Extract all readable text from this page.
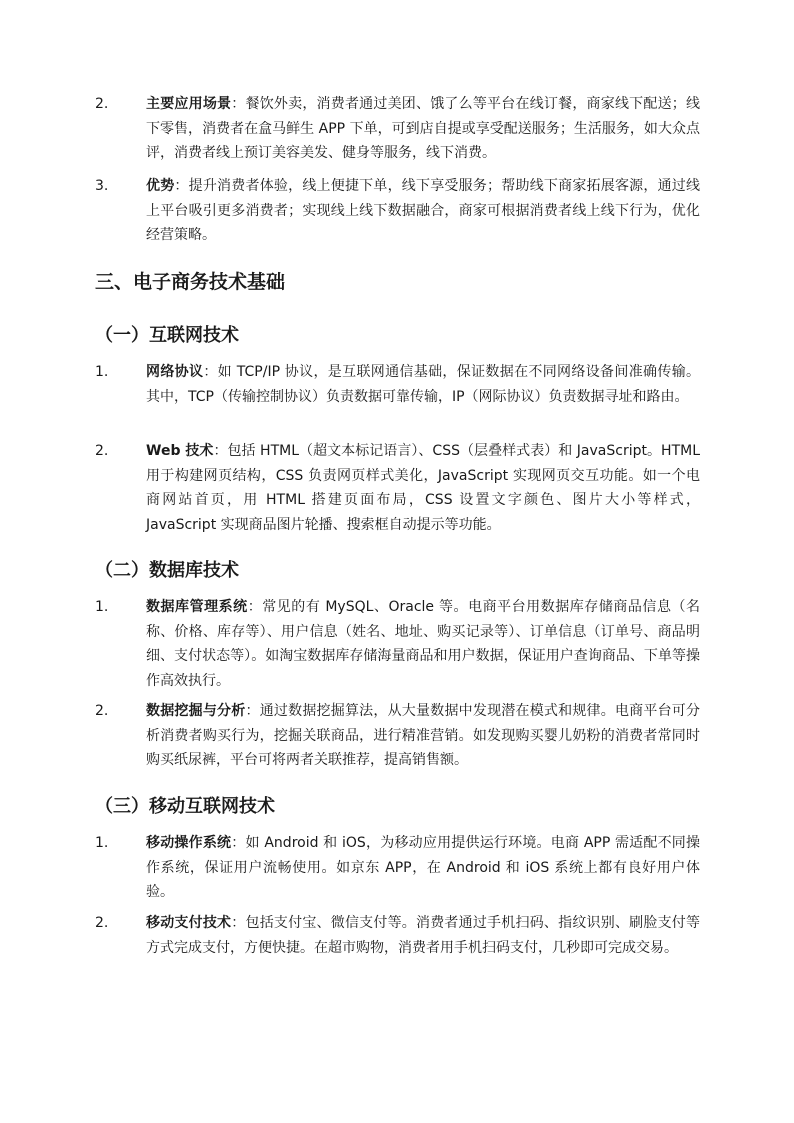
2.	主要应用场景：餐饮外卖，消费者通过美团、饿了么等平台在线订餐，商家线下配送；线下零售，消费者在盒马鲜生 APP 下单，可到店自提或享受配送服务；生活服务，如大众点评，消费者线上预订美容美发、健身等服务，线下消费。
3.	优势：提升消费者体验，线上便捷下单，线下享受服务；帮助线下商家拓展客源，通过线上平台吸引更多消费者；实现线上线下数据融合，商家可根据消费者线上线下行为，优化经营策略。
三、电子商务技术基础
（一）互联网技术
1.	网络协议：如 TCP/IP 协议，是互联网通信基础，保证数据在不同网络设备间准确传输。其中，TCP（传输控制协议）负责数据可靠传输，IP（网际协议）负责数据寻址和路由。
2.	Web 技术：包括 HTML（超文本标记语言）、CSS（层叠样式表）和 JavaScript。HTML 用于构建网页结构，CSS 负责网页样式美化，JavaScript 实现网页交互功能。如一个电商网站首页，用 HTML 搭建页面布局，CSS 设置文字颜色、图片大小等样式，JavaScript 实现商品图片轮播、搜索框自动提示等功能。
（二）数据库技术
1.	数据库管理系统：常见的有 MySQL、Oracle 等。电商平台用数据库存储商品信息（名称、价格、库存等）、用户信息（姓名、地址、购买记录等）、订单信息（订单号、商品明细、支付状态等）。如淘宝数据库存储海量商品和用户数据，保证用户查询商品、下单等操作高效执行。
2.	数据挖掘与分析：通过数据挖掘算法，从大量数据中发现潜在模式和规律。电商平台可分析消费者购买行为，挖掘关联商品，进行精准营销。如发现购买婴儿奶粉的消费者常同时购买纸尿裤，平台可将两者关联推荐，提高销售额。
（三）移动互联网技术
1.	移动操作系统：如 Android 和 iOS，为移动应用提供运行环境。电商 APP 需适配不同操作系统，保证用户流畅使用。如京东 APP，在 Android 和 iOS 系统上都有良好用户体验。
2.	移动支付技术：包括支付宝、微信支付等。消费者通过手机扫码、指纹识别、刷脸支付等方式完成支付，方便快捷。在超市购物，消费者用手机扫码支付，几秒即可完成交易。
